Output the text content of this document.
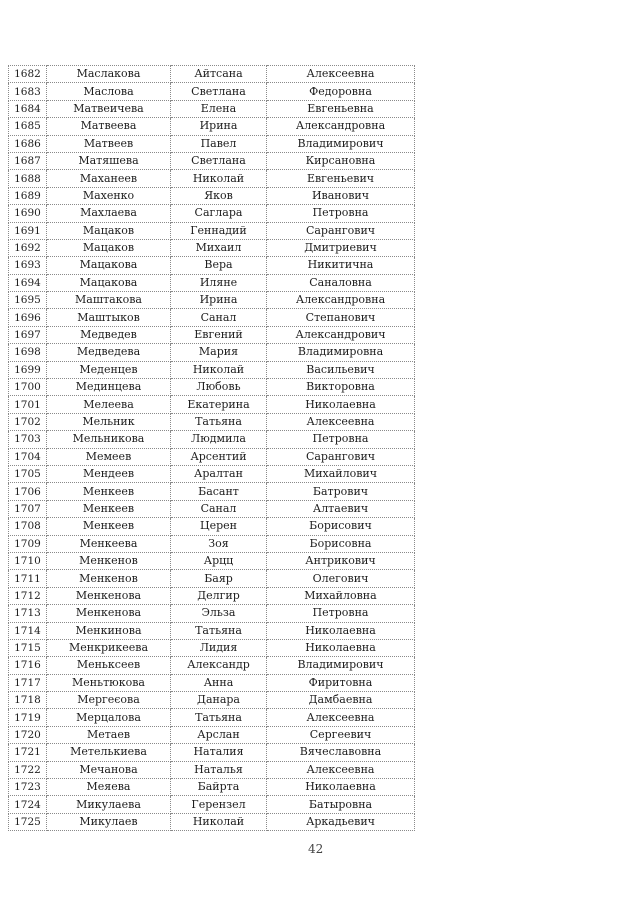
1682	Маслакова	Айтсана	Алексеевна
1683	Маслова	Светлана	Федоровна
1684	Матвеичева	Елена	Евгеньевна
1685	Матвеева	Ирина	Александровна
1686	Матвеев	Павел	Владимирович
1687	Матяшева	Светлана	Кирсановна
1688	Маханеев	Николай	Евгеньевич
1689	Махенко	Яков	Иванович
1690	Махлаева	Саглара	Петровна
1691	Мацаков	Геннадий	Сарангович
1692	Мацаков	Михаил	Дмитриевич
1693	Мацакова	Вера	Никитична
1694	Мацакова	Иляне	Саналовна
1695	Маштакова	Ирина	Александровна
1696	Маштыков	Санал	Степанович
1697	Медведев	Евгений	Александрович
1698	Медведева	Мария	Владимировна
1699	Меденцев	Николай	Васильевич
1700	Мединцева	Любовь	Викторовна
1701	Мелеева	Екатерина	Николаевна
1702	Мельник	Татьяна	Алексеевна
1703	Мельникова	Людмила	Петровна
1704	Мемеев	Арсентий	Сарангович
1705	Мендеев	Аралтан	Михайлович
1706	Менкеев	Басант	Батрович
1707	Менкеев	Санал	Алтаевич
1708	Менкеев	Церен	Борисович
1709	Менкеева	Зоя	Борисовна
1710	Менкенов	Арцц	Антрикович
1711	Менкенов	Баяр	Олегович
1712	Менкенова	Делгир	Михайловна
1713	Менкенова	Эльза	Петровна
1714	Менкинова	Татьяна	Николаевна
1715	Менкрикеева	Лидия	Николаевна
1716	Меньксеев	Александр	Владимирович
1717	Меньтюкова	Анна	Фиритовна
1718	Мергеєова	Данара	Дамбаевна
1719	Мерцалова	Татьяна	Алексеевна
1720	Метаев	Арслан	Сергеевич
1721	Метелькиева	Наталия	Вячеславовна
1722	Мечанова	Наталья	Алексеевна
1723	Меяева	Байрта	Николаевна
1724	Микулаева	Герензел	Батыровна
1725	Микулаев	Николай	Аркадьевич
42
